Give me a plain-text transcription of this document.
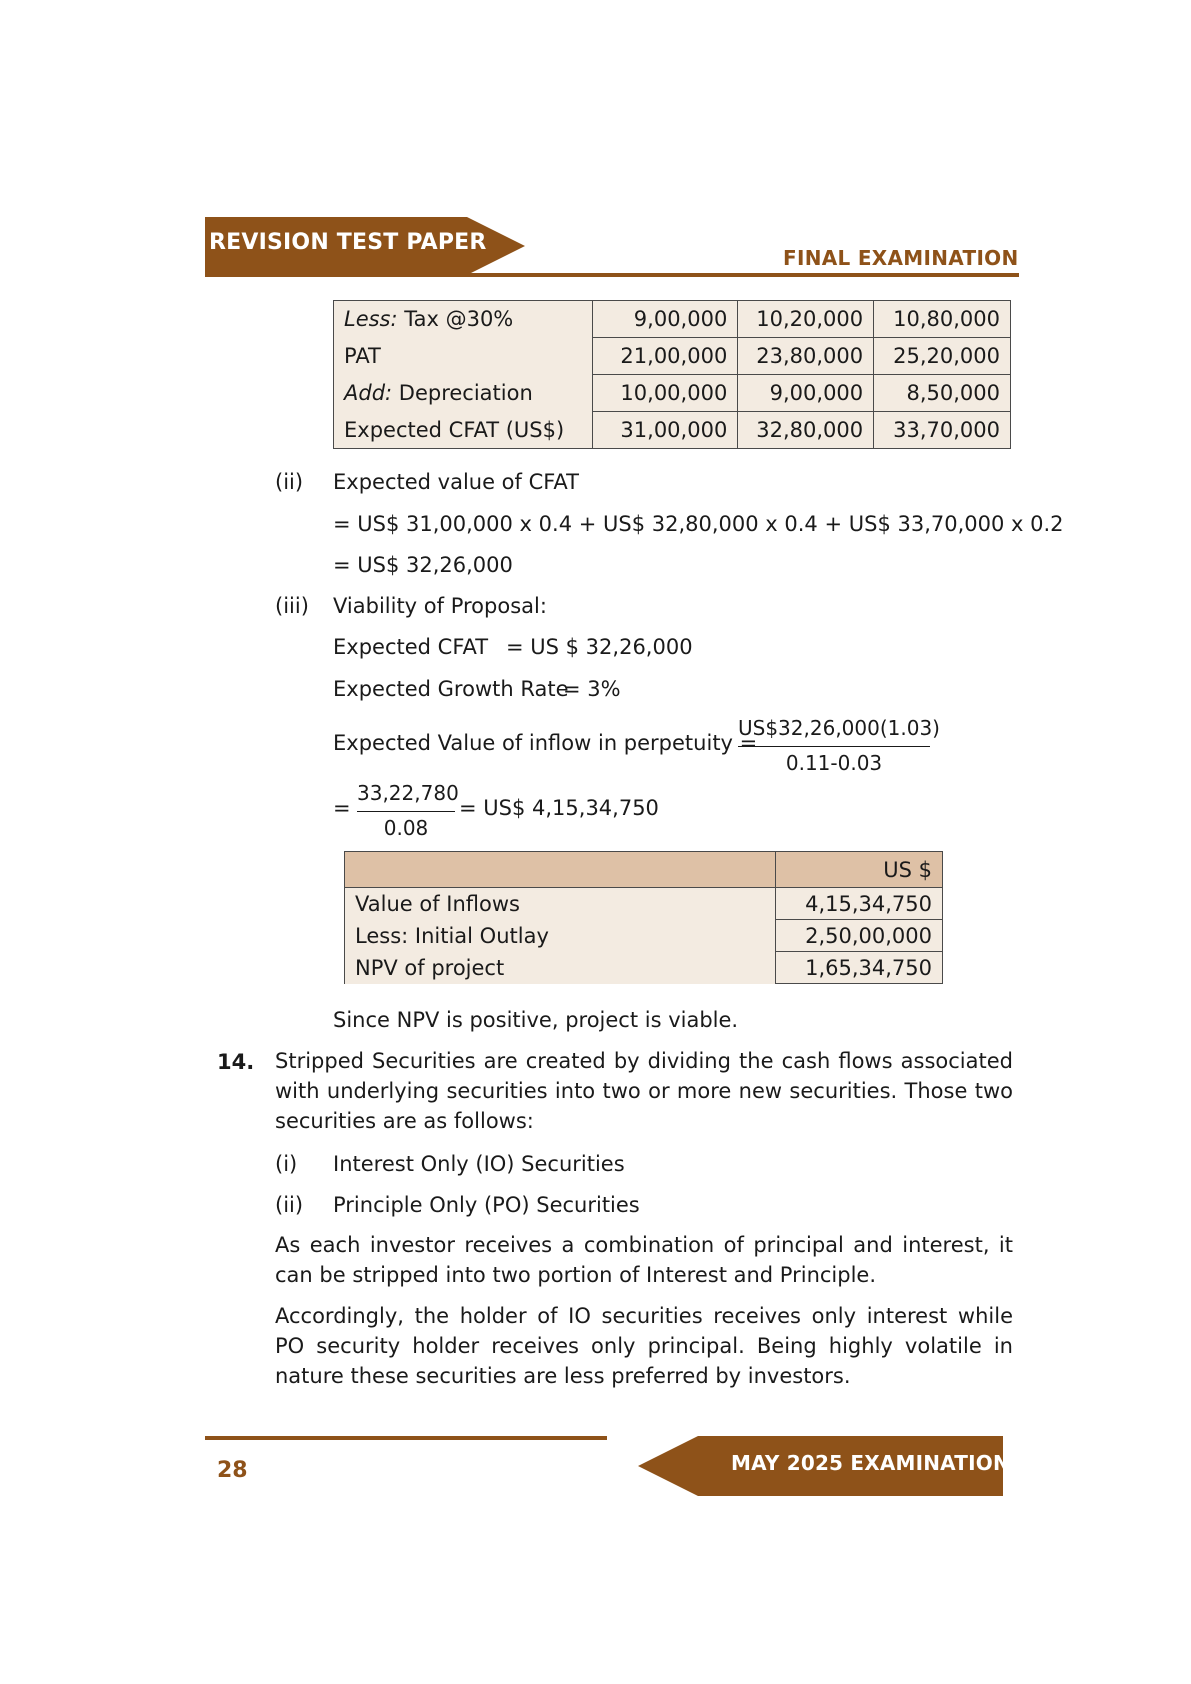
REVISION TEST PAPER
FINAL EXAMINATION
Less: Tax @30%	9,00,000	10,20,000	10,80,000
PAT	21,00,000	23,80,000	25,20,000
Add: Depreciation	10,00,000	9,00,000	8,50,000
Expected CFAT (US$)	31,00,000	32,80,000	33,70,000
(ii) Expected value of CFAT
= US$ 31,00,000 x 0.4 + US$ 32,80,000 x 0.4 + US$ 33,70,000 x 0.2
= US$ 32,26,000
(iii) Viability of Proposal:
Expected CFAT = US $ 32,26,000
Expected Growth Rate
= 3%
Expected Value of inflow in perpetuity =
$\frac{US\$32,26,000(1.03)}{0.11-0.03}$
= $\frac{33,22,780}{0.08}$ = US$ 4,15,34,750
	US $
Value of Inflows	4,15,34,750
Less: Initial Outlay	2,50,00,000
NPV of project	1,65,34,750
Since NPV is positive, project is viable.
14. Stripped Securities are created by dividing the cash flows associated with underlying securities into two or more new securities. Those two securities are as follows:
(i) Interest Only (IO) Securities
(ii) Principle Only (PO) Securities
As each investor receives a combination of principal and interest, it can be stripped into two portion of Interest and Principle.
Accordingly, the holder of IO securities receives only interest while PO security holder receives only principal. Being highly volatile in nature these securities are less preferred by investors.
MAY 2025 EXAMINATION
28
